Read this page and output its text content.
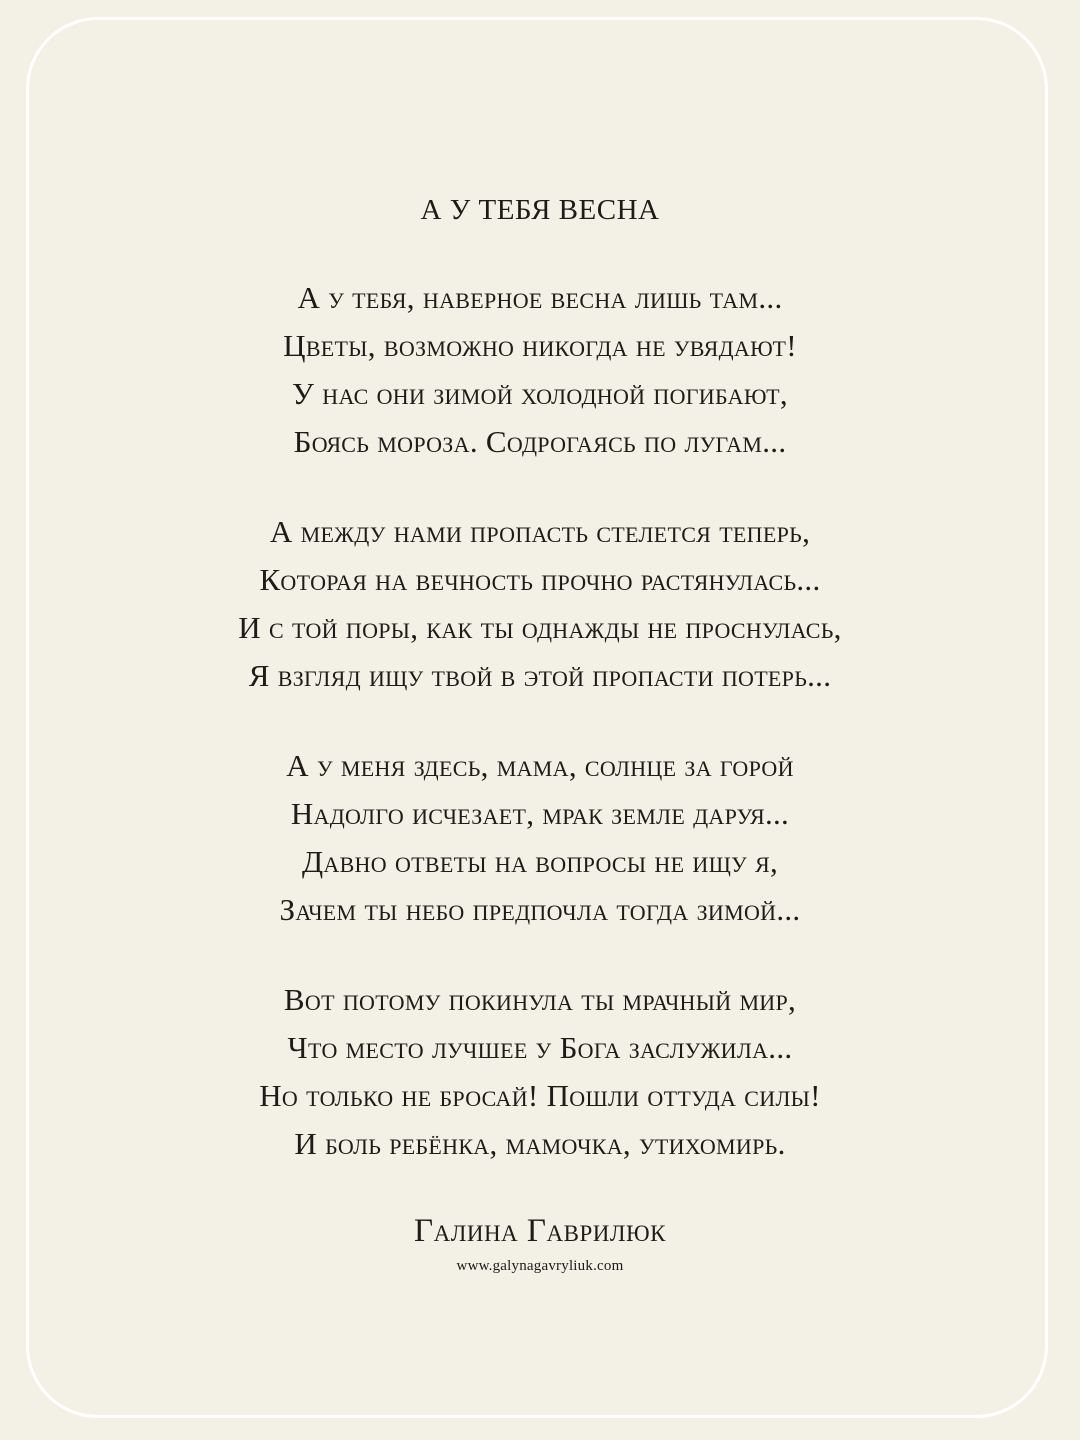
А У ТЕБЯ ВЕСНА
А у тебя, наверное весна лишь там...
Цветы, возможно никогда не увядают!
У нас они зимой холодной погибают,
Боясь мороза. Содрогаясь по лугам...
А между нами пропасть стелется теперь,
Которая на вечность прочно растянулась...
И с той поры, как ты однажды не проснулась,
Я взгляд ищу твой в этой пропасти потерь...
А у меня здесь, мама, солнце за горой
Надолго исчезает, мрак земле даруя...
Давно ответы на вопросы не ищу я,
Зачем ты небо предпочла тогда зимой...
Вот потому покинула ты мрачный мир,
Что место лучшее у Бога заслужила...
Но только не бросай! Пошли оттуда силы!
И боль ребёнка, мамочка, утихомирь.
Галина Гаврилюк
www.galynagavryliuk.com
